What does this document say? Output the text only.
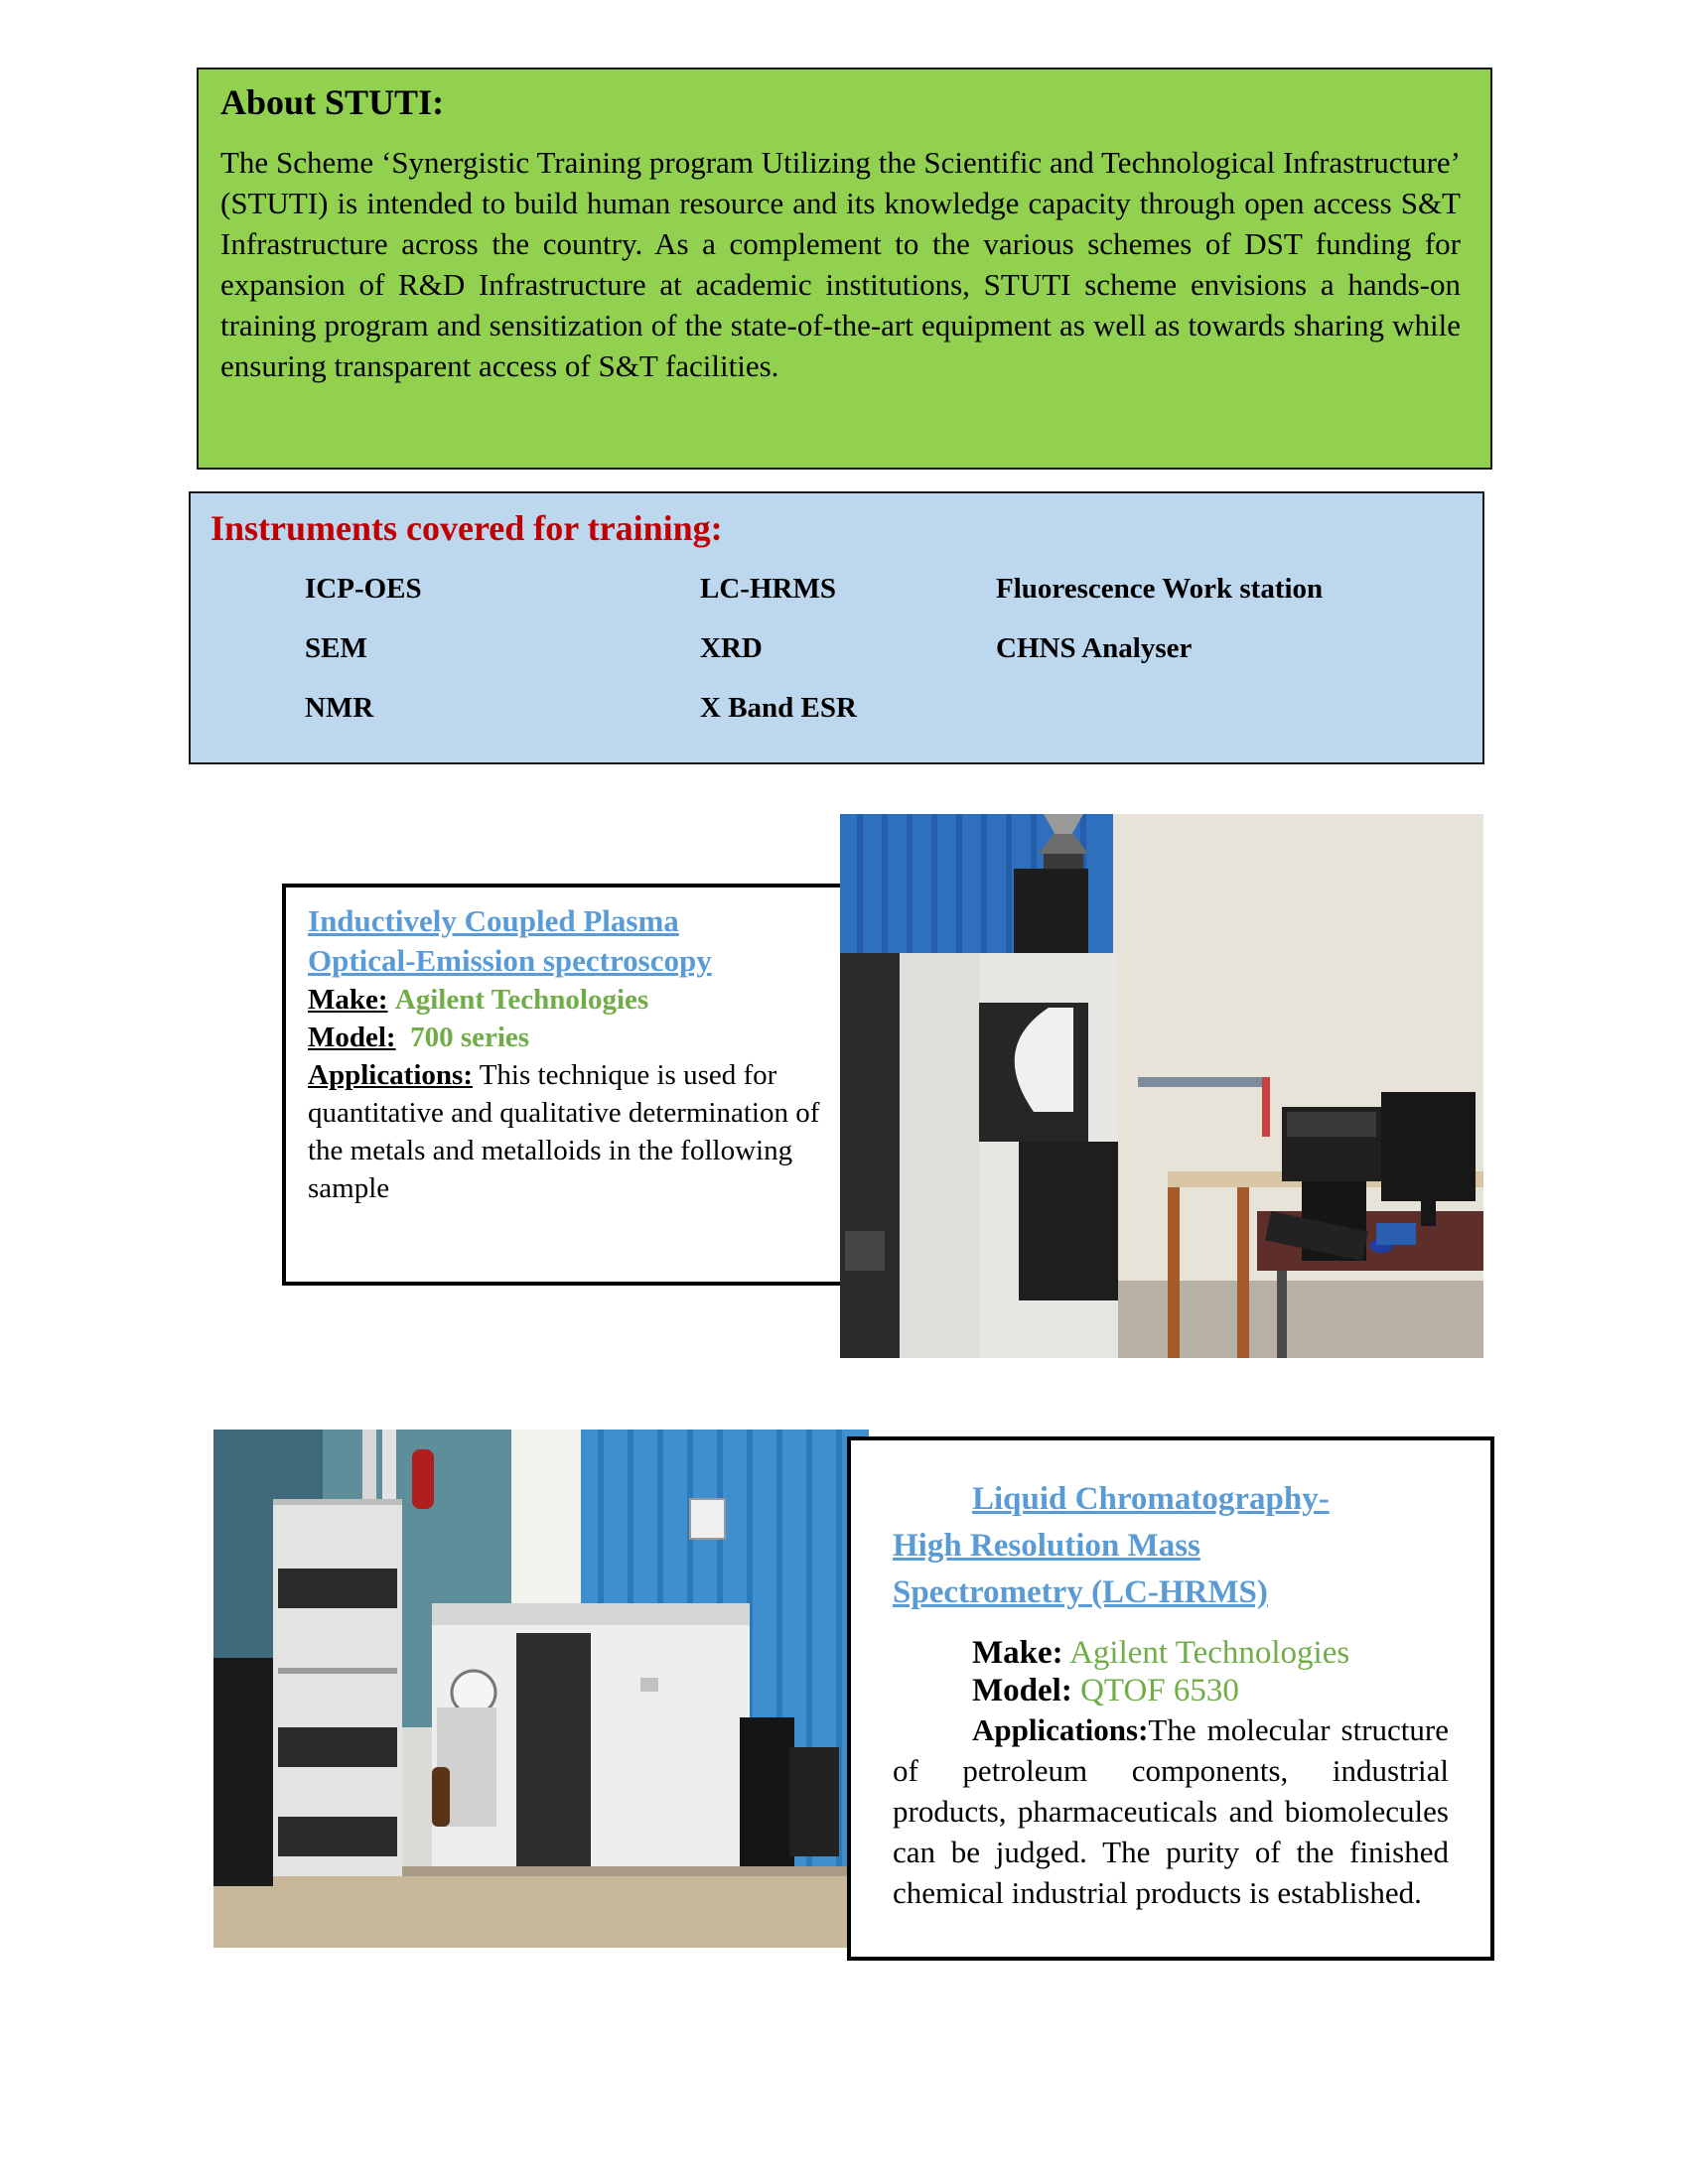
About STUTI:

The Scheme ‘Synergistic Training program Utilizing the Scientific and Technological Infrastructure’ (STUTI) is intended to build human resource and its knowledge capacity through open access S&T Infrastructure across the country. As a complement to the various schemes of DST funding for expansion of R&D Infrastructure at academic institutions, STUTI scheme envisions a hands-on training program and sensitization of the state-of-the-art equipment as well as towards sharing while ensuring transparent access of S&T facilities.

Instruments covered for training:
ICP-OES	LC-HRMS	Fluorescence Work station
SEM	XRD	CHNS Analyser
NMR	X Band ESR
Inductively Coupled Plasma
Optical-Emission spectroscopy
Make: Agilent Technologies
Model: 700 series
Applications: This technique is used for quantitative and qualitative determination of the metals and metalloids in the following sample
Liquid Chromatography-
High Resolution Mass
Spectrometry (LC-HRMS)
Make: Agilent Technologies
Model: QTOF 6530
Applications:The molecular structure of petroleum components, industrial products, pharmaceuticals and biomolecules can be judged. The purity of the finished chemical industrial products is established.
